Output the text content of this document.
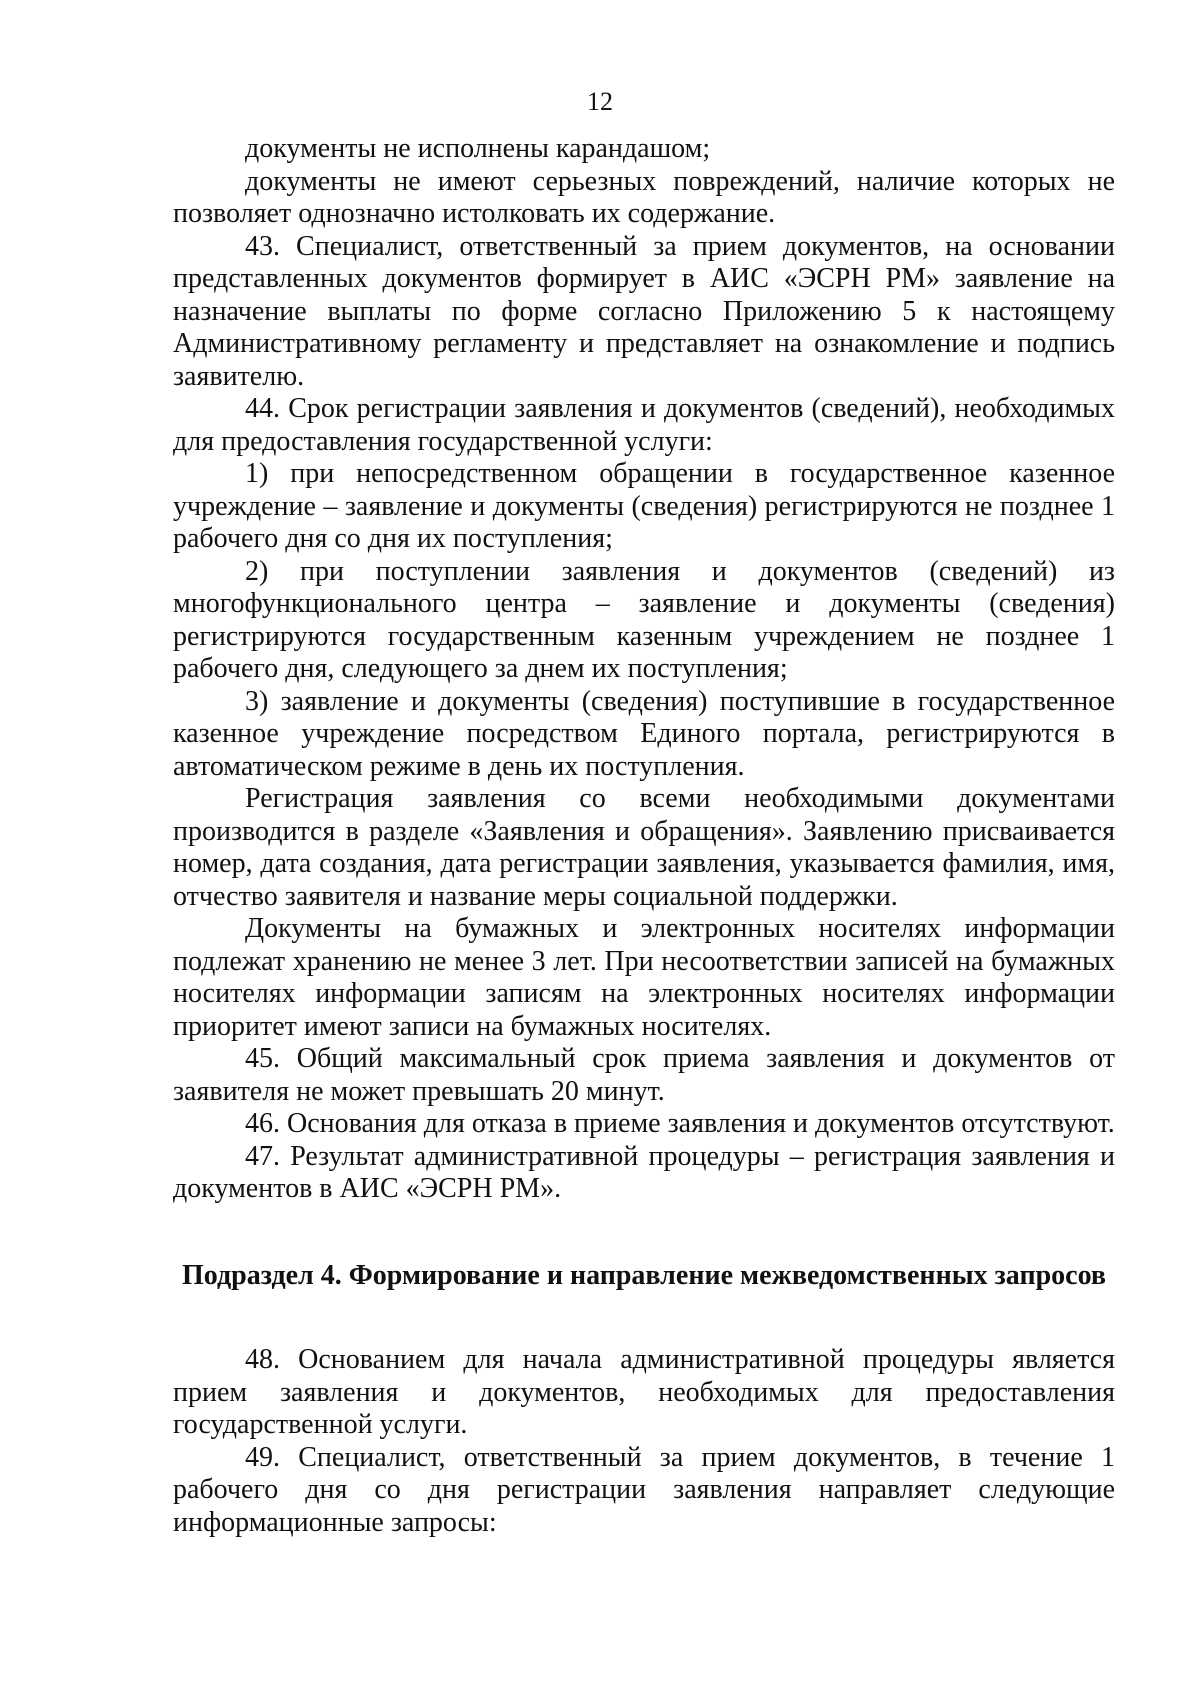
12

документы не исполнены карандашом;

документы не имеют серьезных повреждений, наличие которых не позволяет однозначно истолковать их содержание.

43. Специалист, ответственный за прием документов, на основании представленных документов формирует в АИС «ЭСРН РМ» заявление на назначение выплаты по форме согласно Приложению 5 к настоящему Административному регламенту и представляет на ознакомление и подпись заявителю.

44. Срок регистрации заявления и документов (сведений), необходимых для предоставления государственной услуги:

1) при непосредственном обращении в государственное казенное учреждение – заявление и документы (сведения) регистрируются не позднее 1 рабочего дня со дня их поступления;

2) при поступлении заявления и документов (сведений) из многофункционального центра – заявление и документы (сведения) регистрируются государственным казенным учреждением не позднее 1 рабочего дня, следующего за днем их поступления;

3) заявление и документы (сведения) поступившие в государственное казенное учреждение посредством Единого портала, регистрируются в автоматическом режиме в день их поступления.

Регистрация заявления со всеми необходимыми документами производится в разделе «Заявления и обращения». Заявлению присваивается номер, дата создания, дата регистрации заявления, указывается фамилия, имя, отчество заявителя и название меры социальной поддержки.

Документы на бумажных и электронных носителях информации подлежат хранению не менее 3 лет. При несоответствии записей на бумажных носителях информации записям на электронных носителях информации приоритет имеют записи на бумажных носителях.

45. Общий максимальный срок приема заявления и документов от заявителя не может превышать 20 минут.

46. Основания для отказа в приеме заявления и документов отсутствуют.

47. Результат административной процедуры – регистрация заявления и документов в АИС «ЭСРН РМ».

Подраздел 4. Формирование и направление межведомственных запросов

48. Основанием для начала административной процедуры является прием заявления и документов, необходимых для предоставления государственной услуги.

49. Специалист, ответственный за прием документов, в течение 1 рабочего дня со дня регистрации заявления направляет следующие информационные запросы:
